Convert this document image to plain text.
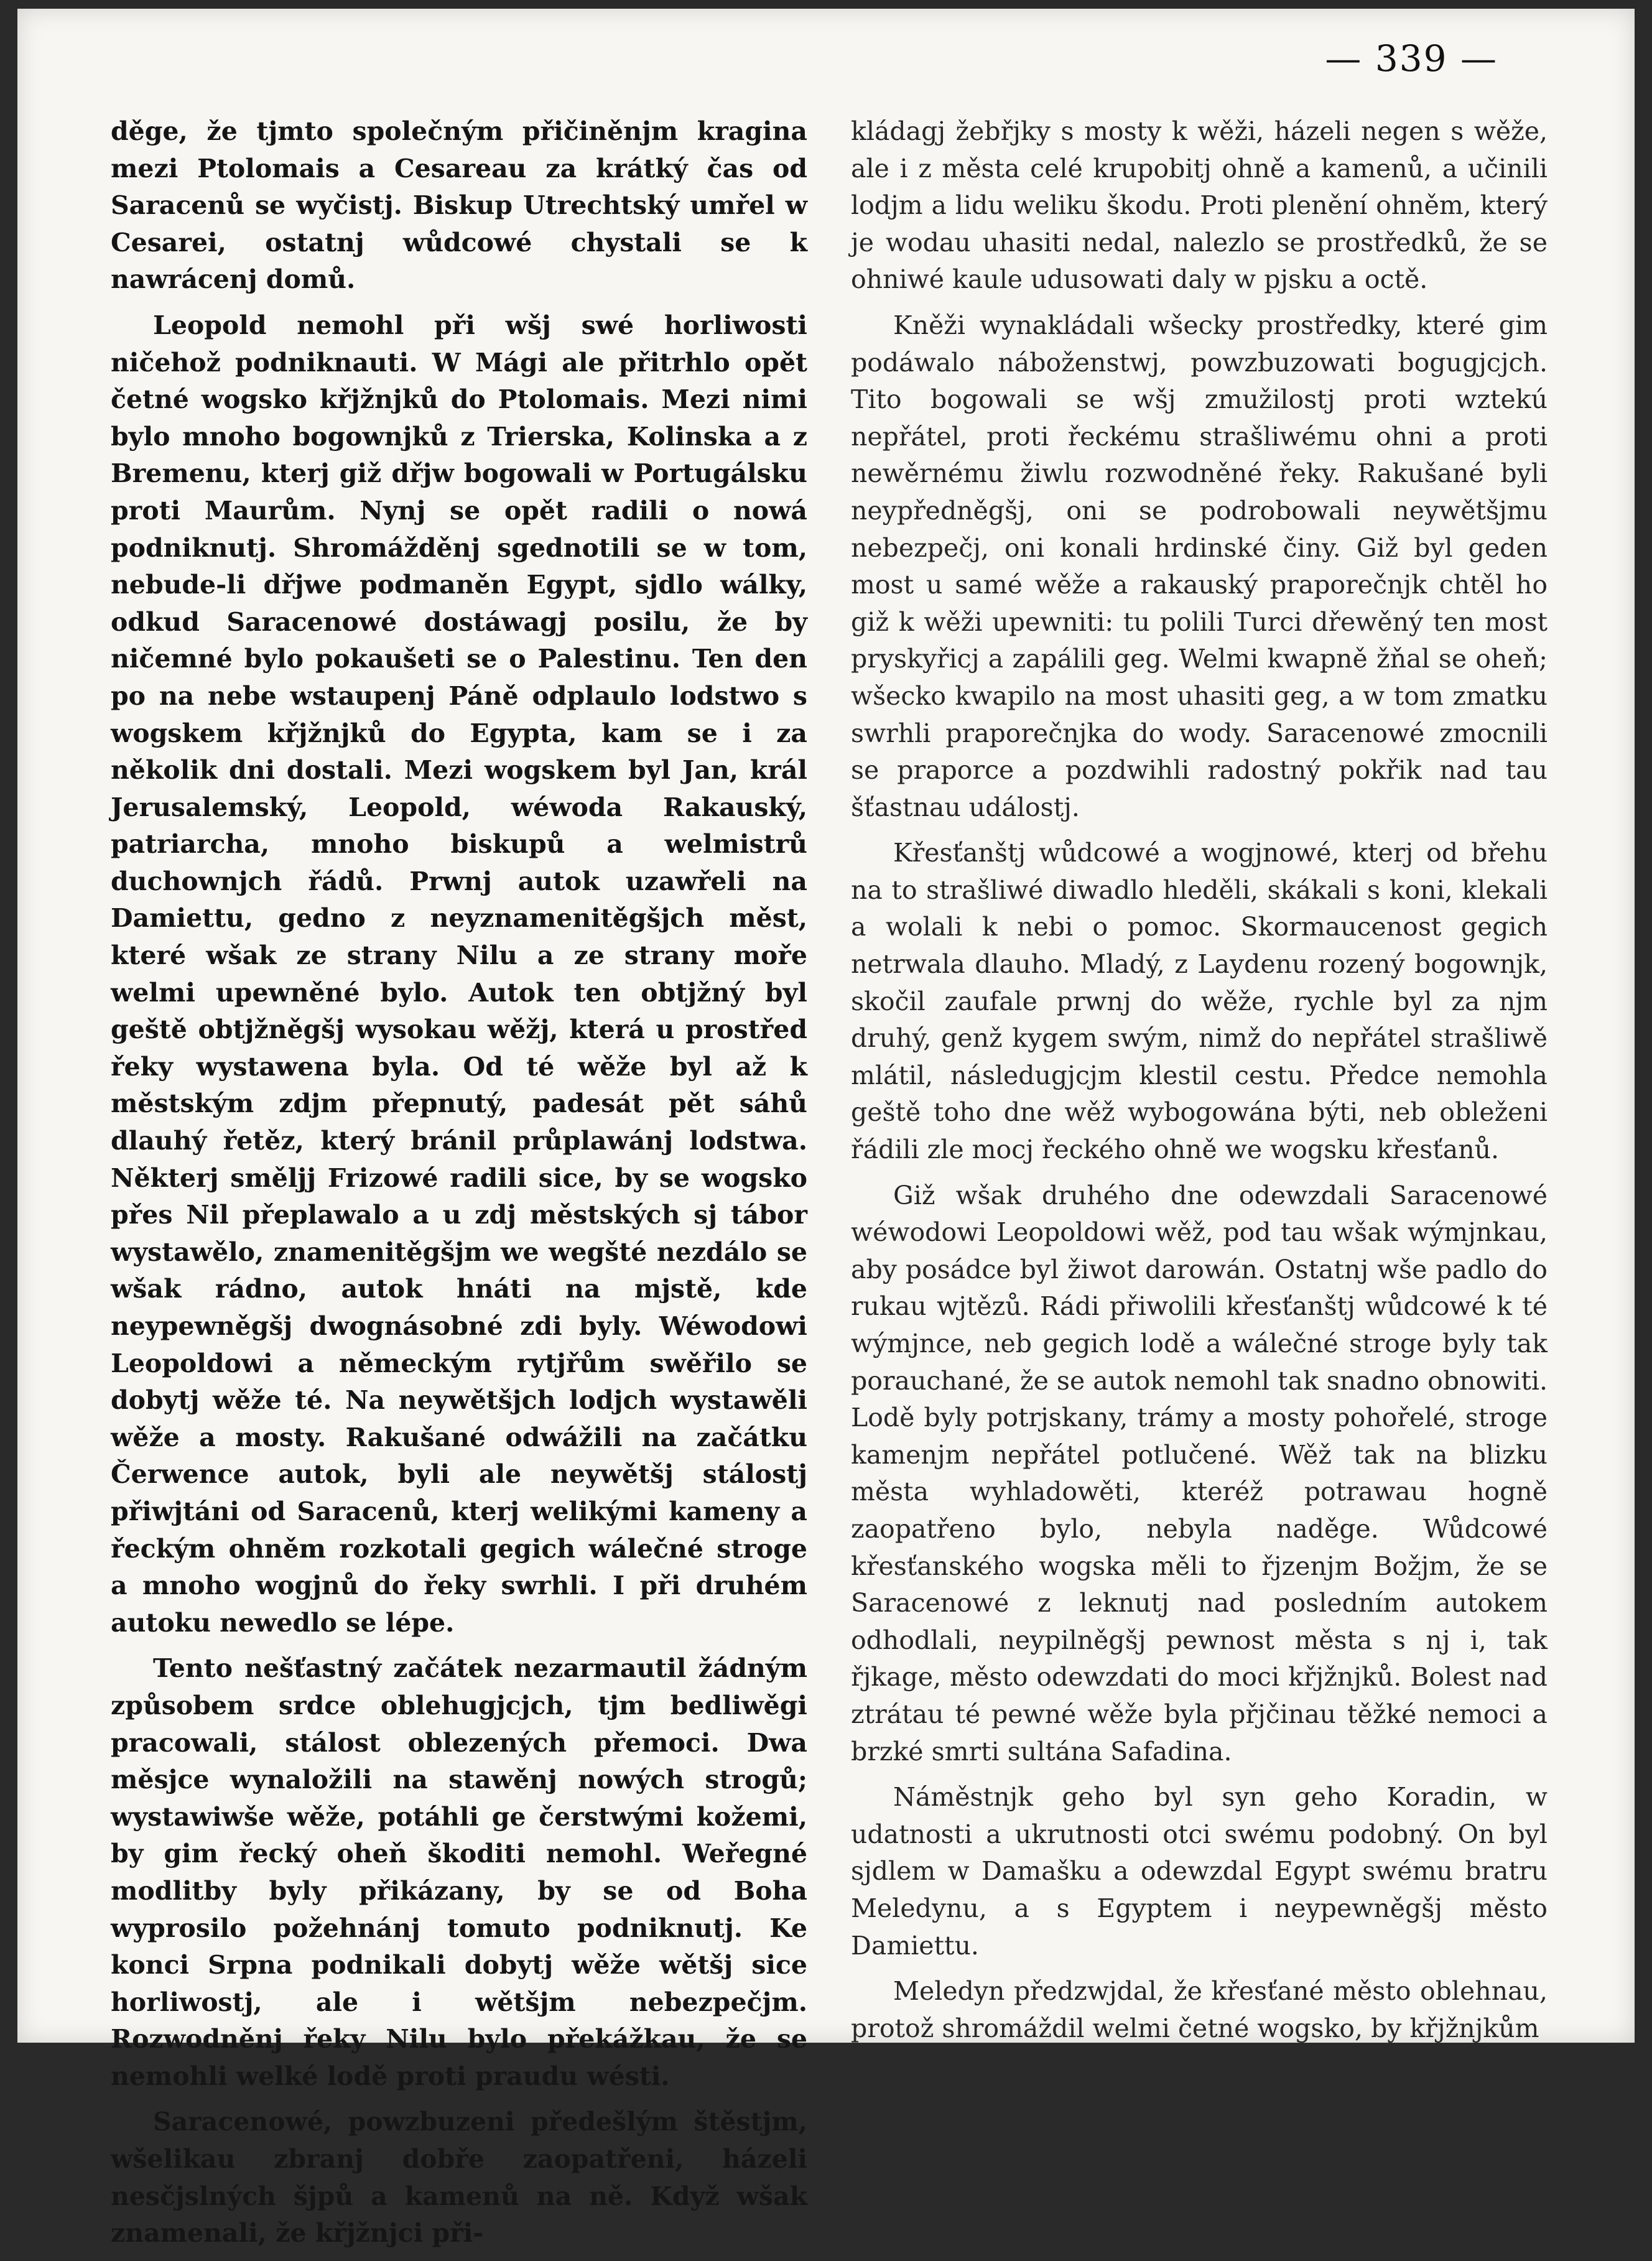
— 339 —

děge, že tjmto společným přičiněnjm kragina mezi Ptolomais a Cesareau za krátký čas od Saracenů se wyčistj. Biskup Utrechtský umřel w Cesarei, ostatnj wůdcowé chystali se k nawrácenj domů.

Leopold nemohl při wšj swé horliwosti ničehož podniknauti. W Mági ale přitrhlo opět četné wogsko křjžnjků do Ptolomais. Mezi nimi bylo mnoho bogownjků z Trierska, Kolinska a z Bremenu, kterj giž dřjw bogowali w Portugálsku proti Maurům. Nynj se opět radili o nowá podniknutj. Shromážděnj sgednotili se w tom, nebude-li dřjwe podmaněn Egypt, sjdlo wálky, odkud Saracenowé dostáwagj posilu, že by ničemné bylo pokaušeti se o Palestinu. Ten den po na nebe wstaupenj Páně odplaulo lodstwo s wogskem křjžnjků do Egypta, kam se i za několik dni dostali. Mezi wogskem byl Jan, král Jerusalemský, Leopold, wéwoda Rakauský, patriarcha, mnoho biskupů a welmistrů duchownjch řádů. Prwnj autok uzawřeli na Damiettu, gedno z neyznamenitěgšjch měst, které wšak ze strany Nilu a ze strany moře welmi upewněné bylo. Autok ten obtjžný byl geště obtjžněgšj wysokau wěžj, která u prostřed řeky wystawena byla. Od té wěže byl až k městským zdjm přepnutý, padesát pět sáhů dlauhý řetěz, který bránil průplawánj lodstwa. Některj směljj Frizowé radili sice, by se wogsko přes Nil přeplawalo a u zdj městských sj tábor wystawělo, znamenitěgšjm we wegšté nezdálo se wšak rádno, autok hnáti na mjstě, kde neypewněgšj dwognásobné zdi byly. Wéwodowi Leopoldowi a německým rytjřům swěřilo se dobytj wěže té. Na neywětšjch lodjch wystawěli wěže a mosty. Rakušané odwážili na začátku Čerwence autok, byli ale neywětšj stálostj přiwjtáni od Saracenů, kterj welikými kameny a řeckým ohněm rozkotali gegich wálečné stroge a mnoho wogjnů do řeky swrhli. I při druhém autoku newedlo se lépe.

Tento nešťastný začátek nezarmautil žádným způsobem srdce oblehugjcjch, tjm bedliwěgi pracowali, stálost oblezených přemoci. Dwa měsjce wynaložili na stawěnj nowých strogů; wystawiwše wěže, potáhli ge čerstwými kožemi, by gim řecký oheň škoditi nemohl. Weřegné modlitby byly přikázany, by se od Boha wyprosilo požehnánj tomuto podniknutj. Ke konci Srpna podnikali dobytj wěže wětšj sice horliwostj, ale i wětšjm nebezpečjm. Rozwodněnj řeky Nilu bylo překážkau, že se nemohli welké lodě proti praudu wésti.

Saracenowé, powzbuzeni předešlým štěstjm, wšelikau zbranj dobře zaopatřeni, házeli nesčjslných šjpů a kamenů na ně. Když wšak znamenali, že křjžnjci při-

kládagj žebřjky s mosty k wěži, házeli negen s wěže, ale i z města celé krupobitj ohně a kamenů, a učinili lodjm a lidu weliku škodu. Proti plenění ohněm, který je wodau uhasiti nedal, nalezlo se prostředků, že se ohniwé kaule udusowati daly w pjsku a octě.

Kněži wynakládali wšecky prostředky, které gim podáwalo náboženstwj, powzbuzowati bogugjcjch. Tito bogowali se wšj zmužilostj proti wztekú nepřátel, proti řeckému strašliwému ohni a proti newěrnému žiwlu rozwodněné řeky. Rakušané byli neypředněgšj, oni se podrobowali neywětšjmu nebezpečj, oni konali hrdinské činy. Giž byl geden most u samé wěže a rakauský praporečnjk chtěl ho giž k wěži upewniti: tu polili Turci dřewěný ten most pryskyřicj a zapálili geg. Welmi kwapně žňal se oheň; wšecko kwapilo na most uhasiti geg, a w tom zmatku swrhli praporečnjka do wody. Saracenowé zmocnili se praporce a pozdwihli radostný pokřik nad tau šťastnau událostj.

Křesťanštj wůdcowé a wogjnowé, kterj od břehu na to strašliwé diwadlo hleděli, skákali s koni, klekali a wolali k nebi o pomoc. Skormaucenost gegich netrwala dlauho. Mladý, z Laydenu rozený bogownjk, skočil zaufale prwnj do wěže, rychle byl za njm druhý, genž kygem swým, nimž do nepřátel strašliwě mlátil, následugjcjm klestil cestu. Předce nemohla geště toho dne wěž wybogowána býti, neb obleženi řádili zle mocj řeckého ohně we wogsku křesťanů.

Giž wšak druhého dne odewzdali Saracenowé wéwodowi Leopoldowi wěž, pod tau wšak wýmjnkau, aby posádce byl žiwot darowán. Ostatnj wše padlo do rukau wjtězů. Rádi přiwolili křesťanštj wůdcowé k té wýmjnce, neb gegich lodě a wálečné stroge byly tak porauchané, že se autok nemohl tak snadno obnowiti. Lodě byly potrjskany, trámy a mosty pohořelé, stroge kamenjm nepřátel potlučené. Wěž tak na blizku města wyhladowěti, kteréž potrawau hogně zaopatřeno bylo, nebyla naděge. Wůdcowé křesťanského wogska měli to řjzenjm Božjm, že se Saracenowé z leknutj nad posledním autokem odhodlali, neypilněgšj pewnost města s nj i, tak řjkage, město odewzdati do moci křjžnjků. Bolest nad ztrátau té pewné wěže byla přjčinau těžké nemoci a brzké smrti sultána Safadina.

Náměstnjk geho byl syn geho Koradin, w udatnosti a ukrutnosti otci swému podobný. On byl sjdlem w Damašku a odewzdal Egypt swému bratru Meledynu, a s Egyptem i neypewněgšj město Damiettu.

Meledyn předzwjdal, že křesťané město oblehnau, protož shromáždil welmi četné wogsko, by křjžnjkům
